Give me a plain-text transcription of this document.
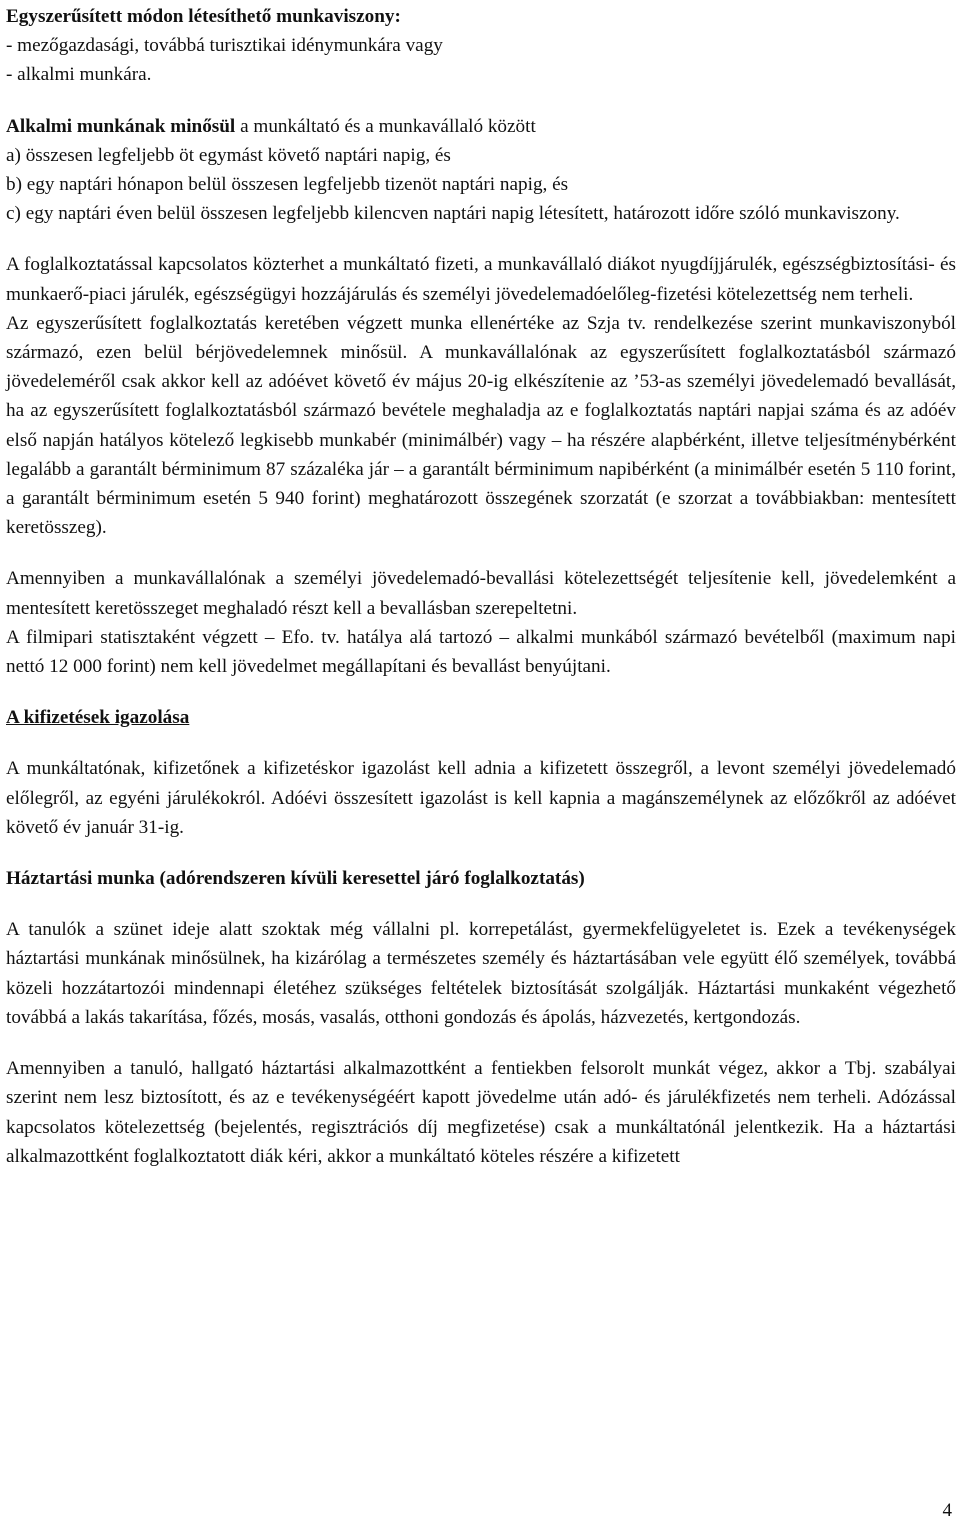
Egyszerűsített módon létesíthető munkaviszony:

- mezőgazdasági, továbbá turisztikai idénymunkára vagy

- alkalmi munkára.

Alkalmi munkának minősül a munkáltató és a munkavállaló között

a) összesen legfeljebb öt egymást követő naptári napig, és

b) egy naptári hónapon belül összesen legfeljebb tizenöt naptári napig, és

c) egy naptári éven belül összesen legfeljebb kilencven naptári napig létesített, határozott időre szóló munkaviszony.

A foglalkoztatással kapcsolatos közterhet a munkáltató fizeti, a munkavállaló diákot nyugdíjjárulék, egészségbiztosítási- és munkaerő-piaci járulék, egészségügyi hozzájárulás és személyi jövedelemadóelőleg-fizetési kötelezettség nem terheli.

Az egyszerűsített foglalkoztatás keretében végzett munka ellenértéke az Szja tv. rendelkezése szerint munkaviszonyból származó, ezen belül bérjövedelemnek minősül. A munkavállalónak az egyszerűsített foglalkoztatásból származó jövedeleméről csak akkor kell az adóévet követő év május 20-ig elkészítenie az ’53-as személyi jövedelemadó bevallását, ha az egyszerűsített foglalkoztatásból származó bevétele meghaladja az e foglalkoztatás naptári napjai száma és az adóév első napján hatályos kötelező legkisebb munkabér (minimálbér) vagy – ha részére alapbérként, illetve teljesítménybérként legalább a garantált bérminimum 87 százaléka jár – a garantált bérminimum napibérként (a minimálbér esetén 5 110 forint, a garantált bérminimum esetén 5 940 forint) meghatározott összegének szorzatát (e szorzat a továbbiakban: mentesített keretösszeg).

Amennyiben a munkavállalónak a személyi jövedelemadó-bevallási kötelezettségét teljesítenie kell, jövedelemként a mentesített keretösszeget meghaladó részt kell a bevallásban szerepeltetni.

A filmipari statisztaként végzett – Efo. tv. hatálya alá tartozó – alkalmi munkából származó bevételből (maximum napi nettó 12 000 forint) nem kell jövedelmet megállapítani és bevallást benyújtani.

A kifizetések igazolása

A munkáltatónak, kifizetőnek a kifizetéskor igazolást kell adnia a kifizetett összegről, a levont személyi jövedelemadó előlegről, az egyéni járulékokról. Adóévi összesített igazolást is kell kapnia a magánszemélynek az előzőkről az adóévet követő év január 31-ig.

Háztartási munka (adórendszeren kívüli keresettel járó foglalkoztatás)

A tanulók a szünet ideje alatt szoktak még vállalni pl. korrepetálást, gyermekfelügyeletet is. Ezek a tevékenységek háztartási munkának minősülnek, ha kizárólag a természetes személy és háztartásában vele együtt élő személyek, továbbá közeli hozzátartozói mindennapi életéhez szükséges feltételek biztosítását szolgálják. Háztartási munkaként végezhető továbbá a lakás takarítása, főzés, mosás, vasalás, otthoni gondozás és ápolás, házvezetés, kertgondozás.

Amennyiben a tanuló, hallgató háztartási alkalmazottként a fentiekben felsorolt munkát végez, akkor a Tbj. szabályai szerint nem lesz biztosított, és az e tevékenységéért kapott jövedelme után adó- és járulékfizetés nem terheli. Adózással kapcsolatos kötelezettség (bejelentés, regisztrációs díj megfizetése) csak a munkáltatónál jelentkezik. Ha a háztartási alkalmazottként foglalkoztatott diák kéri, akkor a munkáltató köteles részére a kifizetett

4
